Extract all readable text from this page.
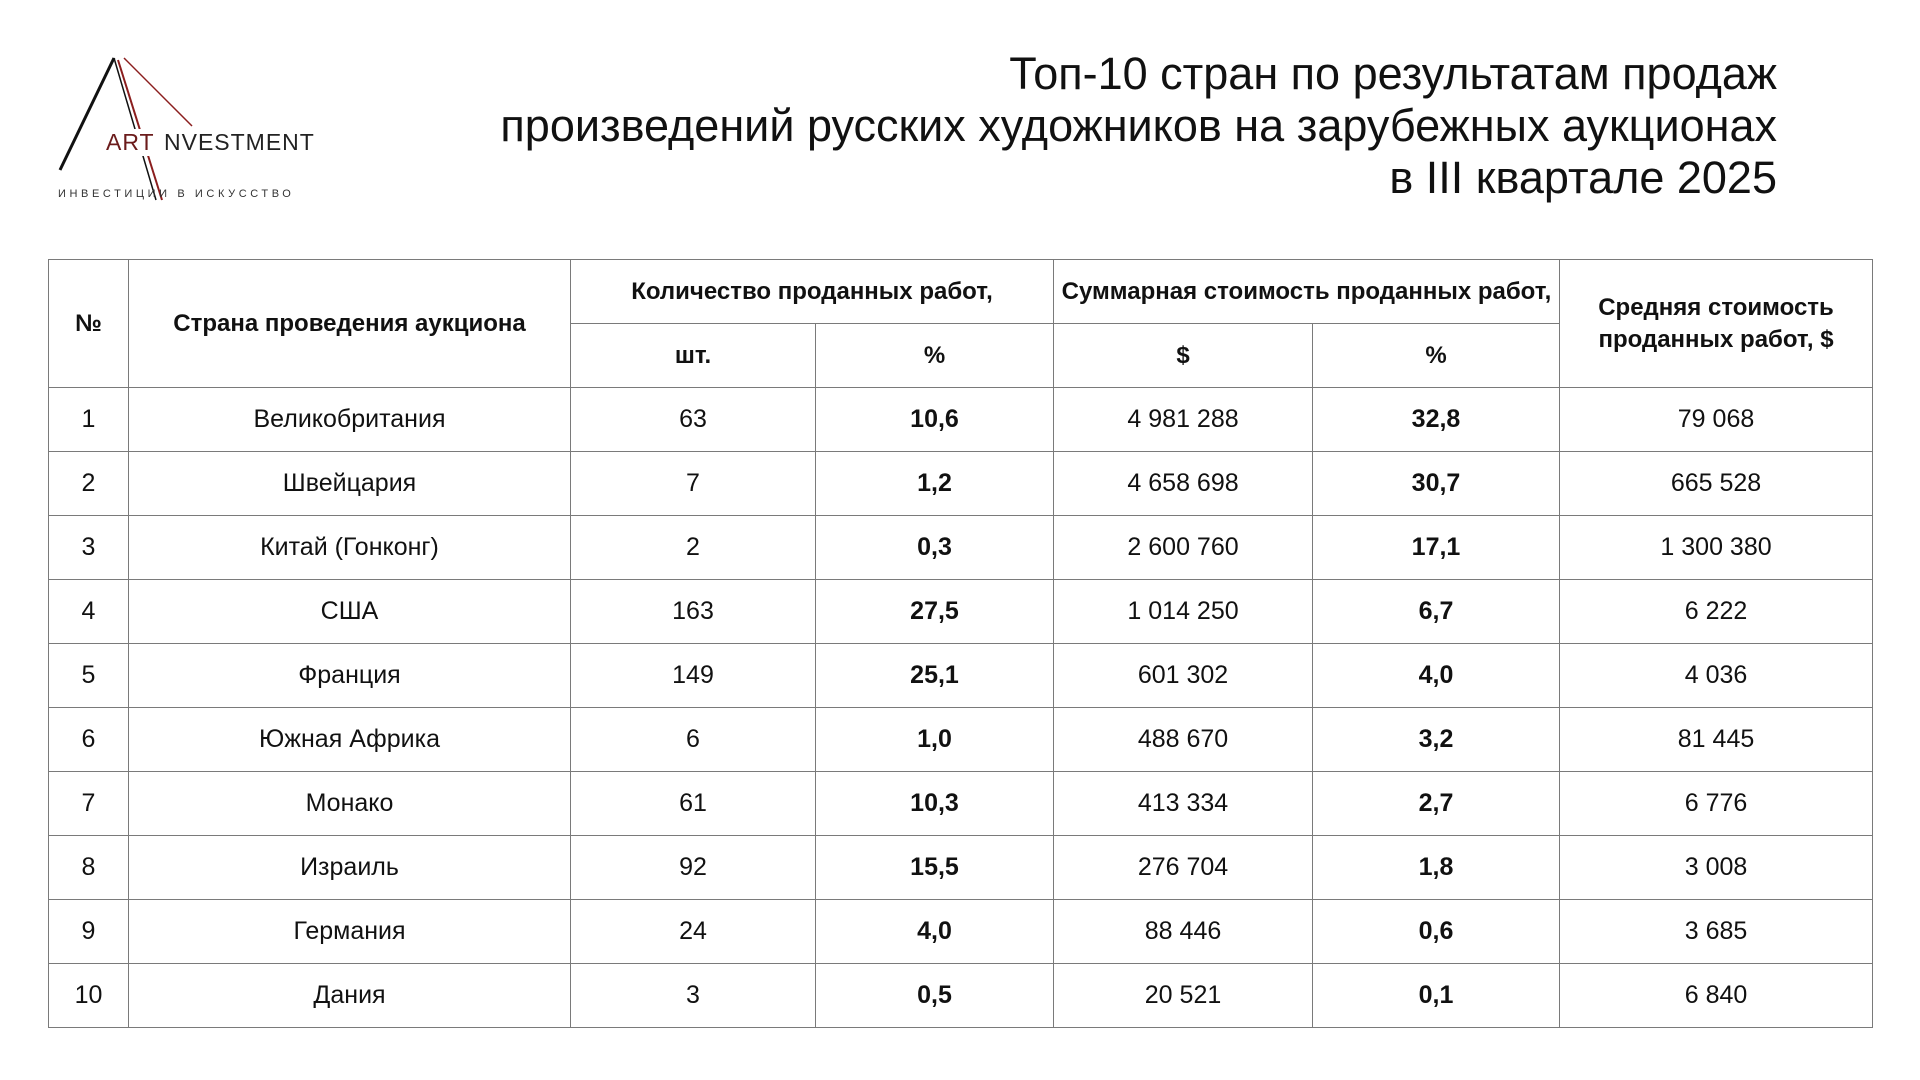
ART NVESTMENT
ИНВЕСТИЦИИ В ИСКУССТВО
Топ-10 стран по результатам продаж
произведений русских художников на зарубежных аукционах
в III квартале 2025
№	Страна проведения аукциона	Количество проданных работ,		Суммарная стоимость проданных работ,		Средняя стоимость проданных работ, $
		шт.	%	$	%	
1	Великобритания	63	10,6	4 981 288	32,8	79 068
2	Швейцария	7	1,2	4 658 698	30,7	665 528
3	Китай (Гонконг)	2	0,3	2 600 760	17,1	1 300 380
4	США	163	27,5	1 014 250	6,7	6 222
5	Франция	149	25,1	601 302	4,0	4 036
6	Южная Африка	6	1,0	488 670	3,2	81 445
7	Монако	61	10,3	413 334	2,7	6 776
8	Израиль	92	15,5	276 704	1,8	3 008
9	Германия	24	4,0	88 446	0,6	3 685
10	Дания	3	0,5	20 521	0,1	6 840
